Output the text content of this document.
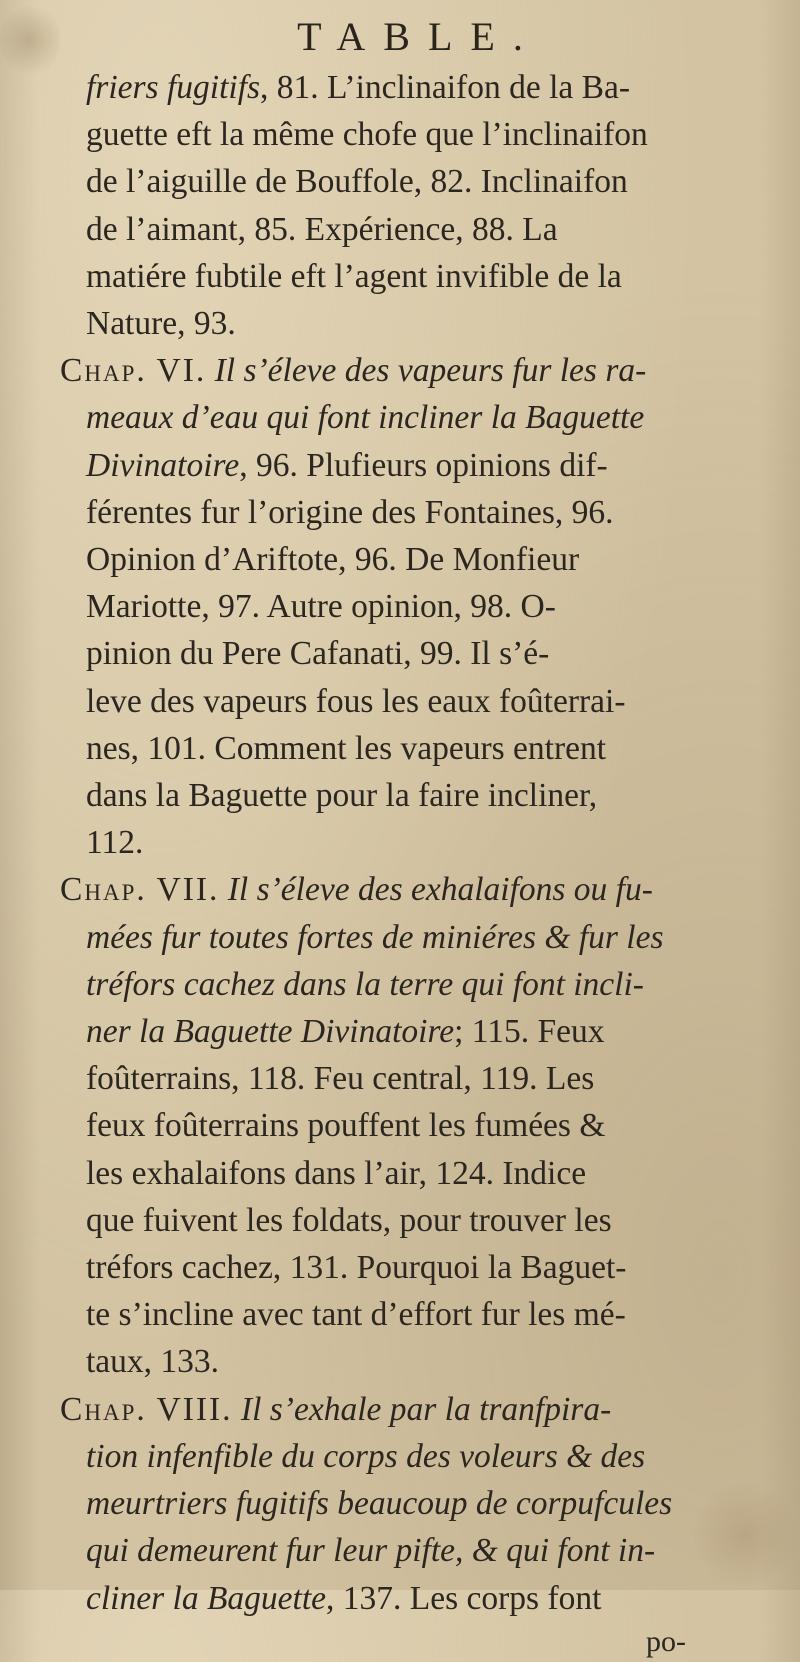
TABLE.
friers fugitifs, 81. L’inclinaifon de la Ba-
guette eft la même chofe que l’inclinaifon
de l’aiguille de Bouffole, 82. Inclinaifon
de l’aimant, 85. Expérience, 88. La
matiére fubtile eft l’agent invifible de la
Nature, 93.
Chap. VI. Il s’éleve des vapeurs fur les ra-
meaux d’eau qui font incliner la Baguette
Divinatoire, 96. Plufieurs opinions dif-
férentes fur l’origine des Fontaines, 96.
Opinion d’Ariftote, 96. De Monfieur
Mariotte, 97. Autre opinion, 98. O-
pinion du Pere Cafanati, 99. Il s’é-
leve des vapeurs fous les eaux foûterrai-
nes, 101. Comment les vapeurs entrent
dans la Baguette pour la faire incliner,
112.
Chap. VII. Il s’éleve des exhalaifons ou fu-
mées fur toutes fortes de miniéres & fur les
tréfors cachez dans la terre qui font incli-
ner la Baguette Divinatoire; 115. Feux
foûterrains, 118. Feu central, 119. Les
feux foûterrains pouffent les fumées &
les exhalaifons dans l’air, 124. Indice
que fuivent les foldats, pour trouver les
tréfors cachez, 131. Pourquoi la Baguet-
te s’incline avec tant d’effort fur les mé-
taux, 133.
Chap. VIII. Il s’exhale par la tranfpira-
tion infenfible du corps des voleurs & des
meurtriers fugitifs beaucoup de corpufcules
qui demeurent fur leur pifte, & qui font in-
cliner la Baguette, 137. Les corps font
po-
